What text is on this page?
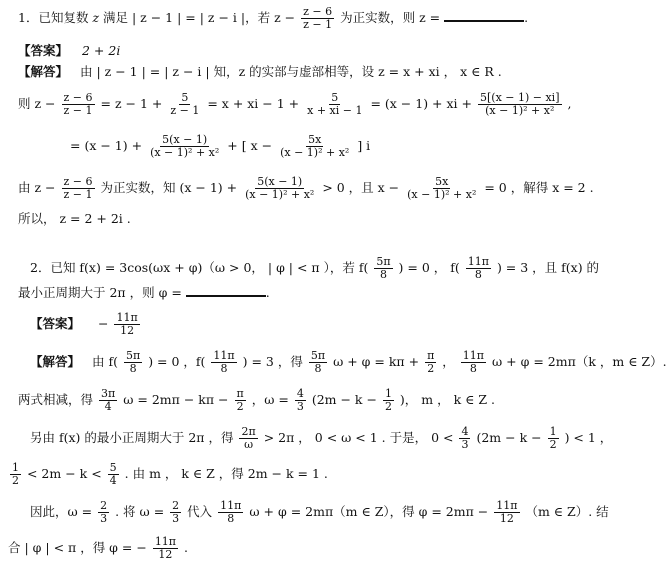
1．已知复数 z 满足 | z − 1 | = | z − i |，若 $z - \frac{z - 6}{z - 1}$ 为正实数，则 z =	.
【答案】 2 + 2i
【解答】 由 | z − 1 | = | z − i | 知，z 的实部与虚部相等，设 z = x + xi ， x ∈ R .
则 $z - \frac{z - 6}{z - 1} = z - 1 + \frac{5}{z - 1} = x$ + xi − $1 + \frac{5}{x + xi - 1} = (x - 1)$ + xi + $\frac{5[(x - 1) - xi]}{\text{(x − 1)² + x²}}$ ,
= $(x - 1) + \frac{5(x - 1)}{\text{(x − 1)² + x²}}$ + [ $x - \frac{5x}{\text{(x − 1)² + x²}}$ ] i
由 $z - \frac{z - 6}{z - 1}$ 为正实数，知 $(x - 1) + \frac{5(x - 1)}{\text{(x − 1)² + x²}} > 0$ ，且 $x - \frac{5x}{\text{(x − 1)² + x²}} = 0$ ，解得 x = 2 .
所以， z = 2 + 2i .
2．已知 f(x) = 3cos(ωx + φ)（ω > 0， | φ | < π ），若 $f( \frac{5\pi}{8}$ ) = 0 ， $f( \frac{11\pi}{8}$ ) = 3 ，且 f(x) 的
最小正周期大于 2π ，则 φ =	.
【答案】 − $\frac{11\pi}{12}$
【解答】 由 $f( \frac{5\pi}{8}$ ) = 0 ，$f( \frac{11\pi}{8}$ ) = 3 ，得 $\frac{5\pi}{8}$ $\omega + \varphi = k\pi + \frac{\pi}{2}$ ， $\frac{11\pi}{8}$ ω + φ = 2mπ（k ，m ∈ Z）.
两式相减，得 $\frac{3\pi}{4}$ $\omega = 2m\pi - k\pi - \frac{\pi}{2}$ ，$\omega = \frac{4}{3} (2m - k - \frac{1}{2}$ )， m ， k ∈ Z .
另由 f(x) 的最小正周期大于 2π ，得 $\frac{2\pi}{\omega} > 2\pi$ ， 0 < ω < 1 . 于是， $0 < \frac{4}{3} (2m - k - \frac{1}{2}$ ) < 1 ，
$\frac{1}{2} < 2m - k < \frac{5}{4}$ . 由 m ， k ∈ Z ，得 2m − k = 1 .
因此，$\omega = \frac{2}{3}$ . 将 $\omega = \frac{2}{3}$ 代入 $\frac{11\pi}{8}$ ω + φ = 2mπ（m ∈ Z），得 $\varphi = 2m\pi - \frac{11\pi}{12} (m$ ∈ Z）. 结
合 | φ | < π ，得 φ = − $\frac{11\pi}{12}$ .
